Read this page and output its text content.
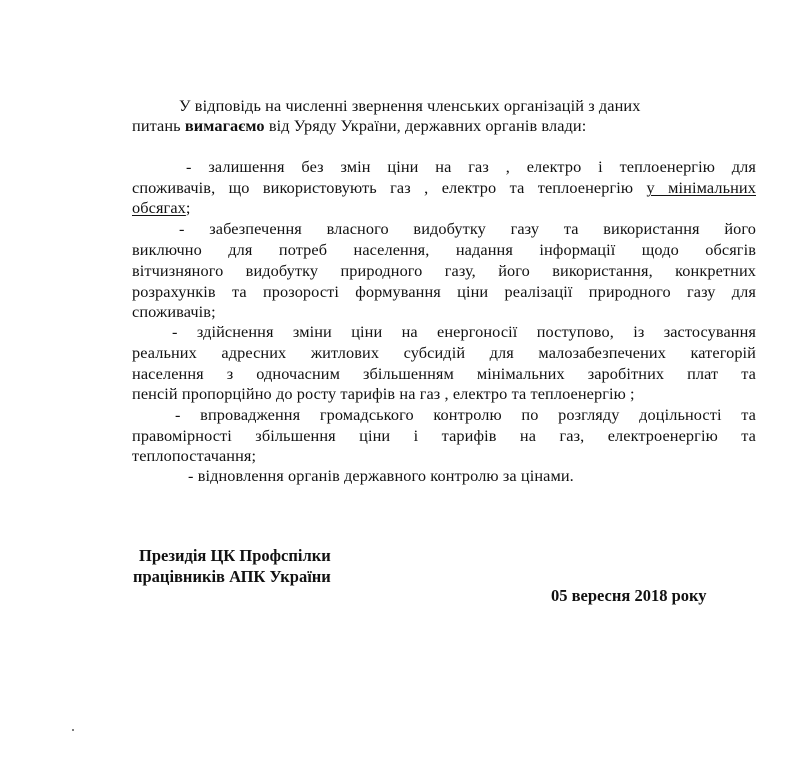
У відповідь на численні звернення членських організацій з даних
питань вимагаємо від Уряду України, державних органів влади:
- залишення без змін ціни на газ , електро і теплоенергію для
споживачів, що використовують газ , електро та теплоенергію у мінімальних
обсягах;
- забезпечення власного видобутку газу та використання його
виключно для потреб населення, надання інформації щодо обсягів
вітчизняного видобутку природного газу, його використання, конкретних
розрахунків та прозорості формування ціни реалізації природного газу для
споживачів;
- здійснення зміни ціни на енергоносії поступово, із застосування
реальних адресних житлових субсидій для малозабезпечених категорій
населення з одночасним збільшенням мінімальних заробітних плат та
пенсій пропорційно до росту тарифів на газ , електро та теплоенергію ;
- впровадження громадського контролю по розгляду доцільності та
правомірності збільшення ціни і тарифів на газ, електроенергію та
теплопостачання;
- відновлення органів державного контролю за цінами.
Президія ЦК Профспілки
працівників АПК України
05 вересня 2018 року
